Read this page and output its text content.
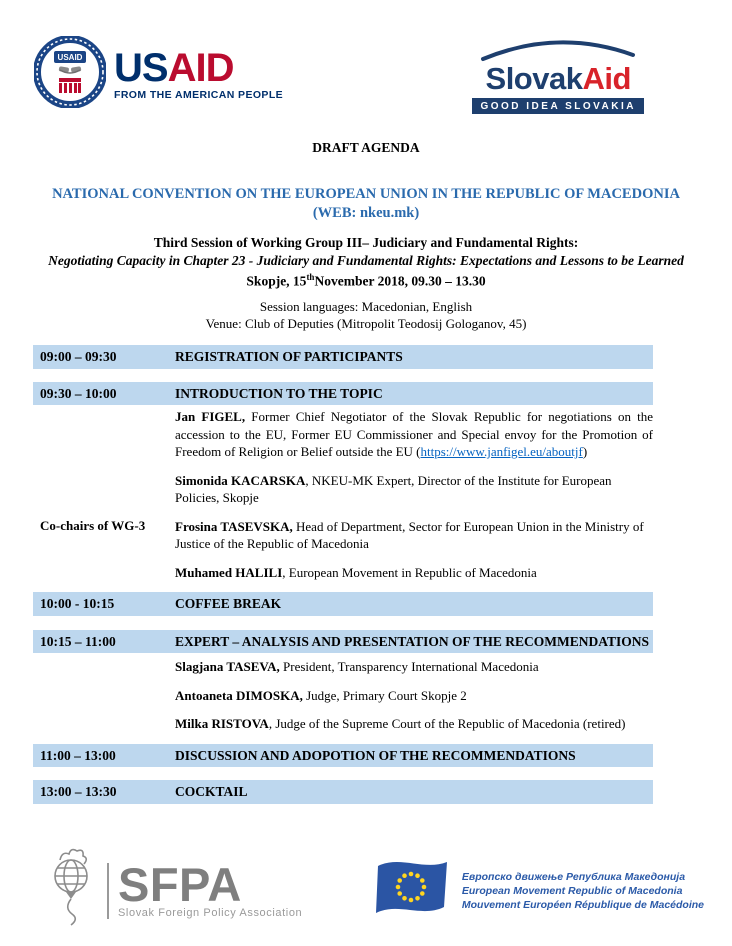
USAID USAID
FROM THE AMERICAN PEOPLE	SlovakAid
GOOD IDEA SLOVAKIA
DRAFT AGENDA
NATIONAL CONVENTION ON THE EUROPEAN UNION IN THE REPUBLIC OF MACEDONIA
(WEB: nkeu.mk)
Third Session of Working Group III– Judiciary and Fundamental Rights:
Negotiating Capacity in Chapter 23 - Judiciary and Fundamental Rights: Expectations and Lessons to be Learned
Skopje, 15thNovember 2018, 09.30 – 13.30
Session languages: Macedonian, English
Venue: Club of Deputies (Mitropolit Teodosij Gologanov, 45)
09:00 – 09:30	REGISTRATION OF PARTICIPANTS
09:30 – 10:00	INTRODUCTION TO THE TOPIC

Jan FIGEL, Former Chief Negotiator of the Slovak Republic for negotiations on the accession to the EU, Former EU Commissioner and Special envoy for the Promotion of Freedom of Religion or Belief outside the EU (https://www.janfigel.eu/aboutjf)

Simonida KACARSKA, NKEU-MK Expert, Director of the Institute for European Policies, Skopje

Co-chairs of WG-3	Frosina TASEVSKA, Head of Department, Sector for European Union in the Ministry of Justice of the Republic of Macedonia

Muhamed HALILI, European Movement in Republic of Macedonia

10:00 - 10:15	COFFEE BREAK
10:15 – 11:00	EXPERT – ANALYSIS AND PRESENTATION OF THE RECOMMENDATIONS

Slagjana TASEVA, President, Transparency International Macedonia

Antoaneta DIMOSKA, Judge, Primary Court Skopje 2

Milka RISTOVA, Judge of the Supreme Court of the Republic of Macedonia (retired)

11:00 – 13:00	DISCUSSION AND ADOPOTION OF THE RECOMMENDATIONS
13:00 – 13:30	COCKTAIL
SFPA
Slovak Foreign Policy Association
Европско движење Република Македонија
European Movement Republic of Macedonia
Mouvement Européen République de Macédoine
